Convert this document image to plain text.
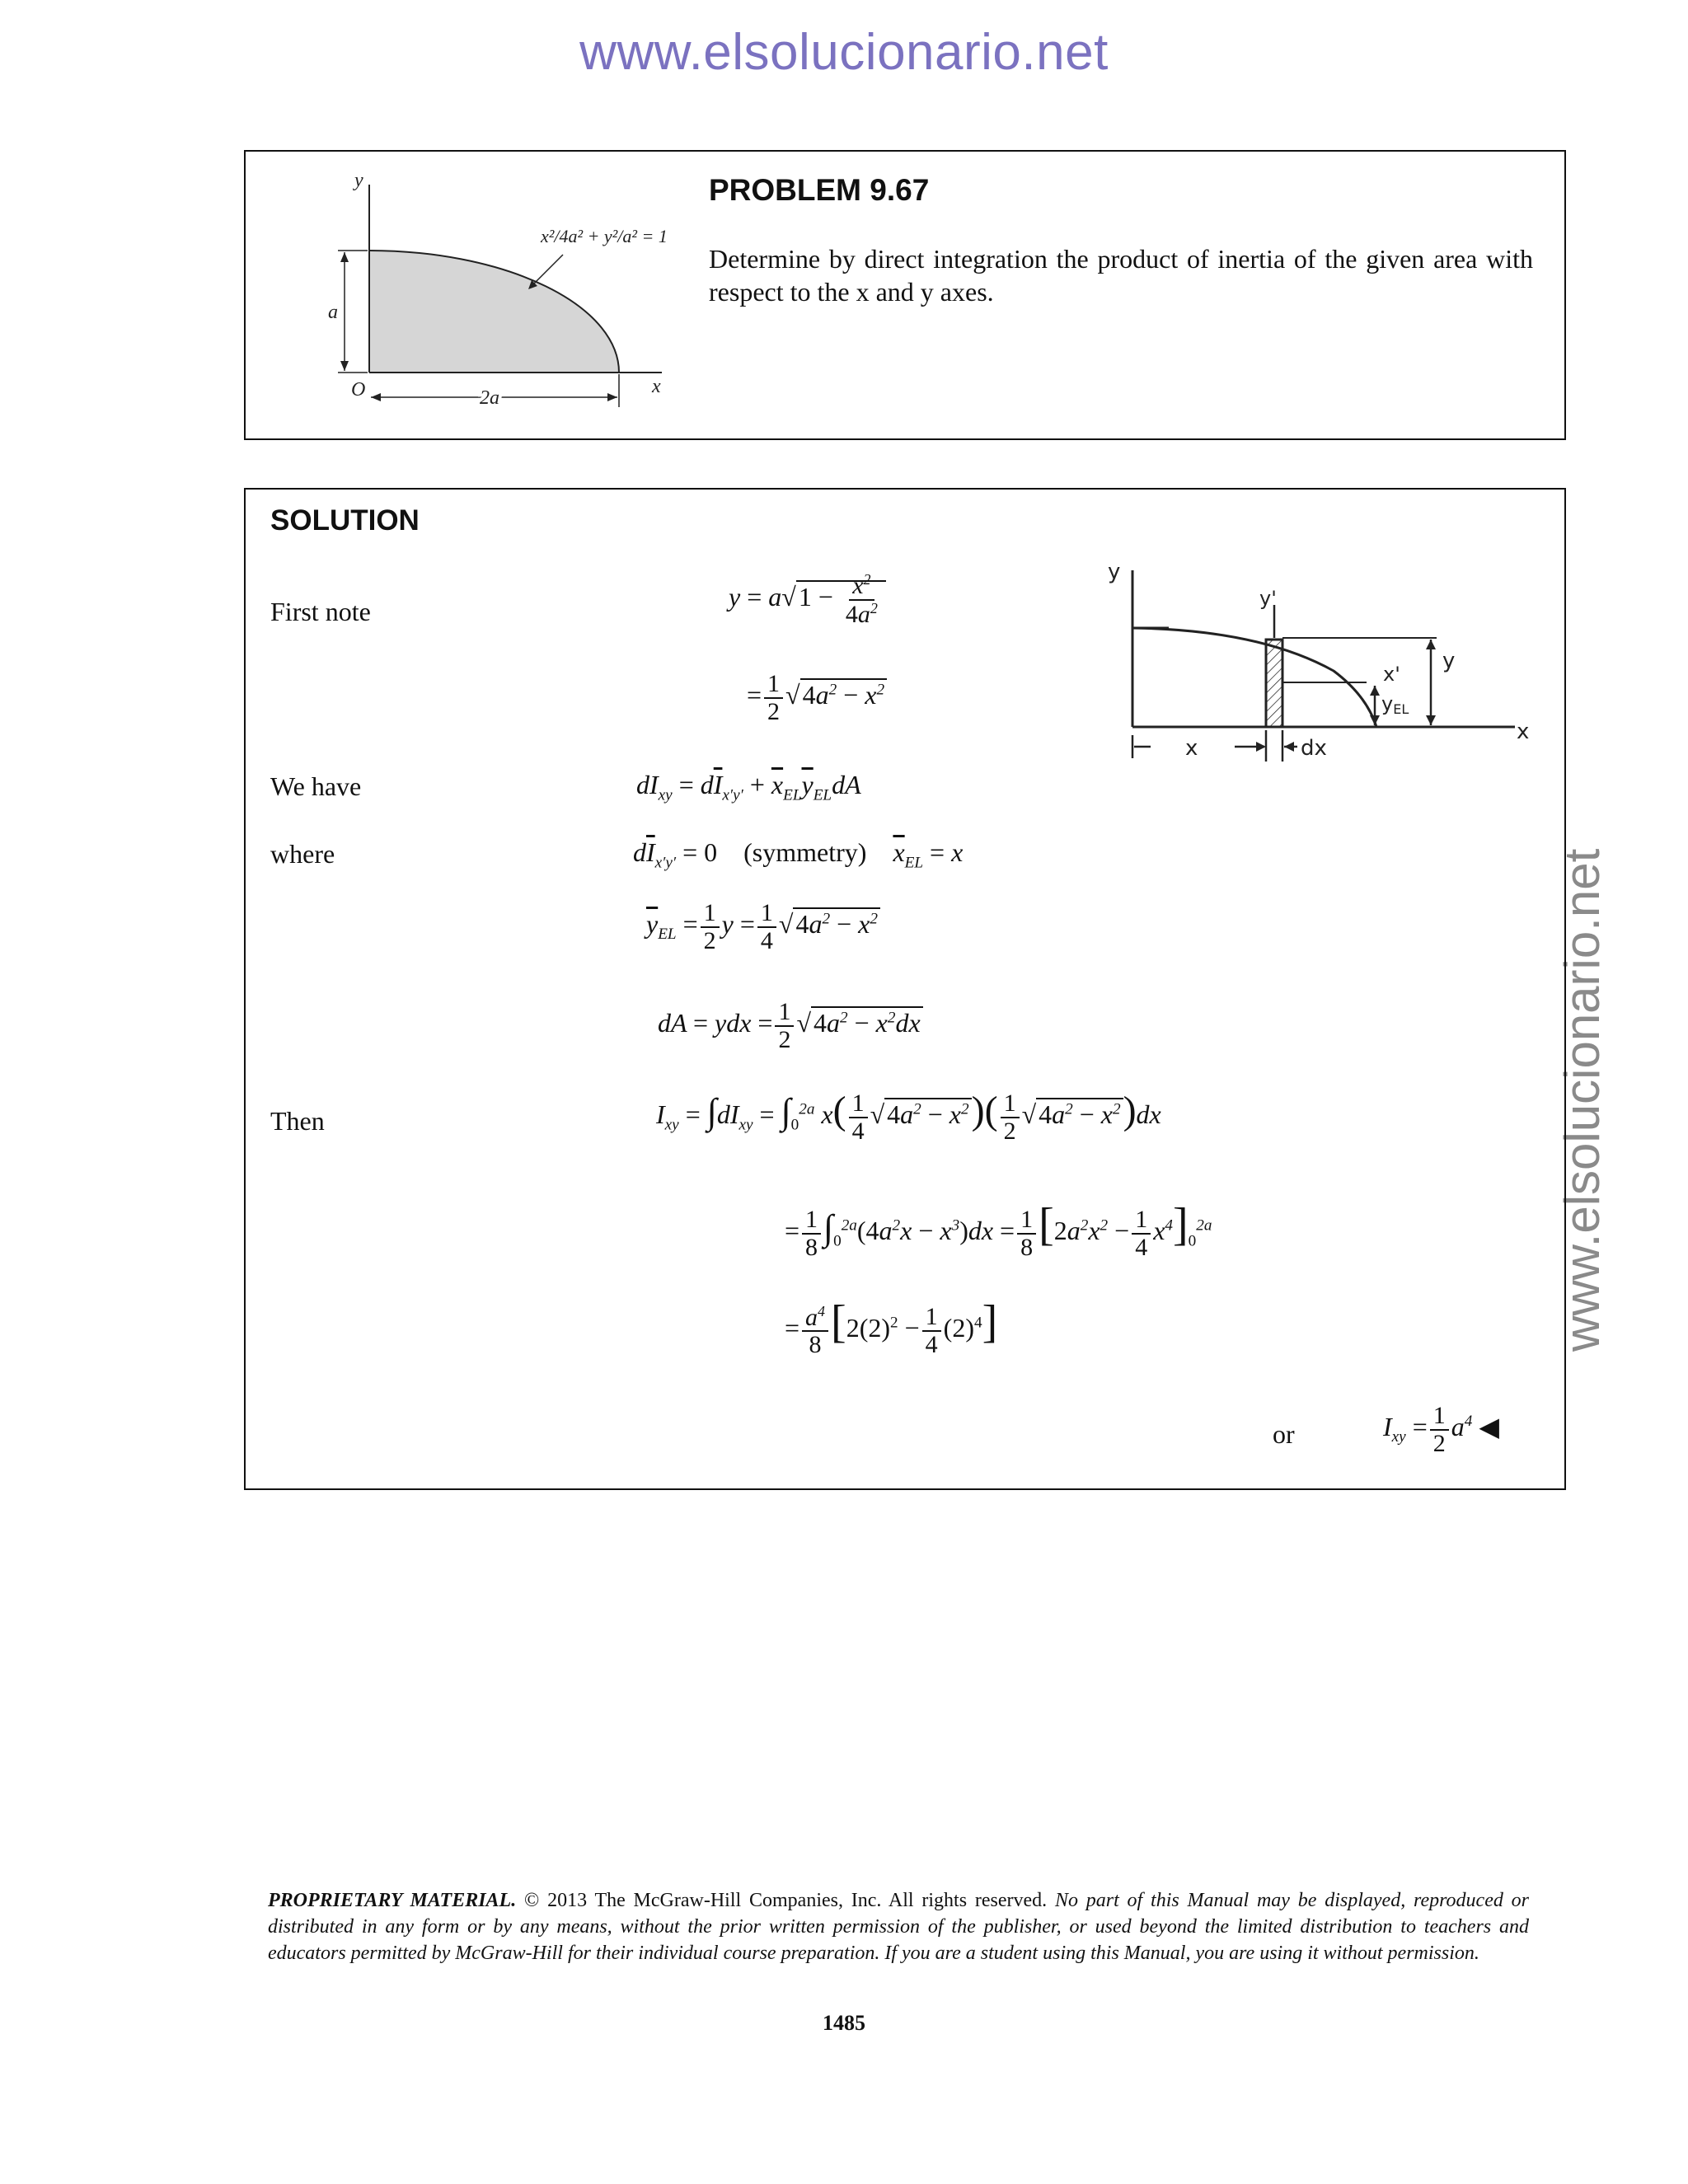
www.elsolucionario.net
www.elsolucionario.net
y
x
O
a
2a
x²/4a² + y²/a² = 1
PROBLEM 9.67
Determine by direct integration the product of inertia of the given area with respect to the x and y axes.
SOLUTION
First note
We have
where
Then
or
$y = a√1 - \frac{x^2}{4a^2}$
= $\frac{1}{2} √4a^2 - x^2$
$dI_{xy} = d\overline{I}_{x'y'} + \overline{x}_{EL}\overline{y}_{EL}dA$
$d\overline{I}_{x'y'} = 0$ (symmetry) $\overline{x}_{EL} = x$
$\overline{y}_{EL} = \frac{1}{2}$ $y = \frac{1}{4} √4a^2 - x^2$
dA = ydx = $\frac{1}{2} √4a^2 - x^2dx$
$I_{xy} = \int dI_{xy} = \int_0^{2a}$ $x( \frac{1}{4} √4a^2 - x^2)( \frac{1}{2} √4a^2 - x^2)dx$
= $\frac{1}{8} \int_0^{2a}(4a^2x - x^3)dx = \frac{1}{8} [2a^2x^2 - \frac{1}{4} x^4]_0^{2a}$
= $\frac{a^4}{8} [2(2)^2 - \frac{1}{4} (2)^4]$
$I_{xy} = \frac{1}{2} a^4$ ◀
y
y'
x
x'
y
yEL
x	dx
PROPRIETARY MATERIAL. © 2013 The McGraw-Hill Companies, Inc. All rights reserved. No part of this Manual may be displayed, reproduced or distributed in any form or by any means, without the prior written permission of the publisher, or used beyond the limited distribution to teachers and educators permitted by McGraw-Hill for their individual course preparation. If you are a student using this Manual, you are using it without permission.
1485
